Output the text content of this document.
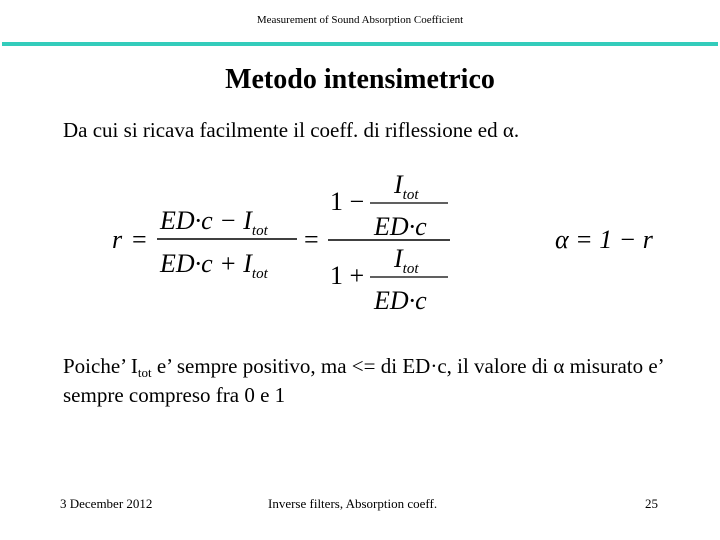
Measurement of Sound Absorption Coefficient
Metodo intensimetrico
Da cui si ricava facilmente il coeff. di riflessione ed α.
r =
$ED\cdot c - I_{tot}$
$ED\cdot c + I_{tot}$
=
1 −
$I_{tot}$
ED·c
1 +
$I_{tot}$
ED·c
α = 1 − r
Poiche’ $I_{tot}$ e’ sempre positivo, ma <= di ED·c, il valore di α misurato e’ sempre compreso fra 0 e 1
3 December 2012	Inverse filters, Absorption coeff.	25
